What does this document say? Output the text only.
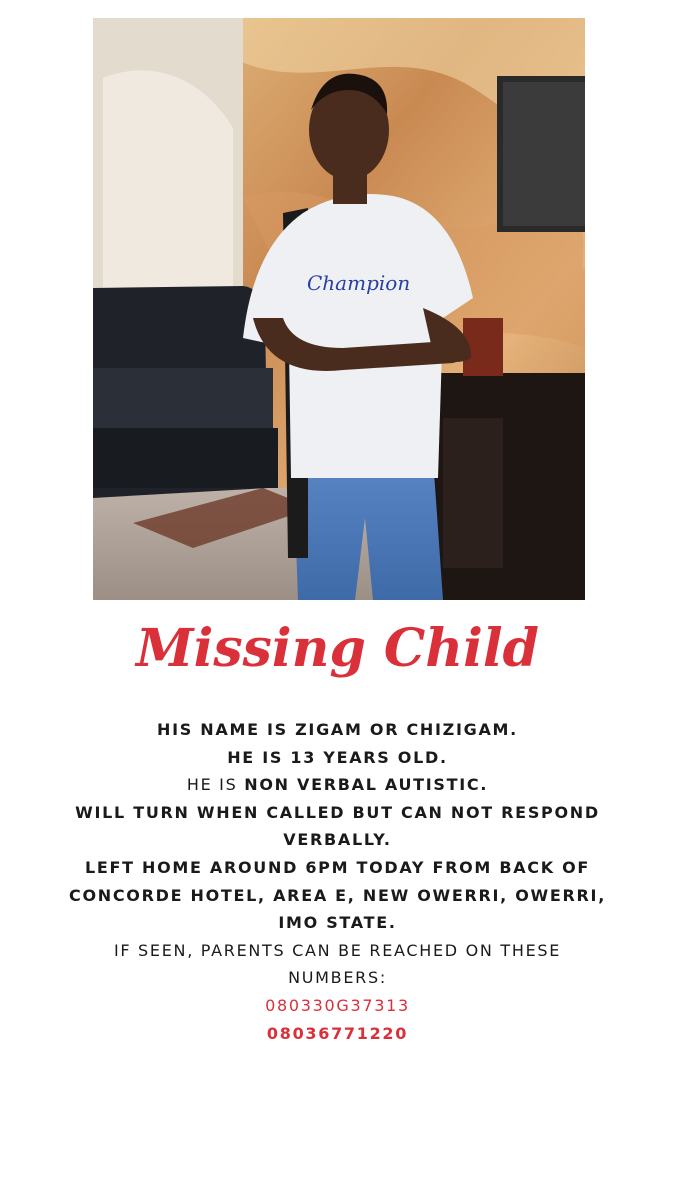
Champion
Missing Child
HIS NAME IS ZIGAM OR CHIZIGAM.
HE IS 13 YEARS OLD.
HE IS NON VERBAL AUTISTIC.
WILL TURN WHEN CALLED BUT CAN NOT RESPOND
VERBALLY.
LEFT HOME AROUND 6PM TODAY FROM BACK OF
CONCORDE HOTEL, AREA E, NEW OWERRI, OWERRI,
IMO STATE.
IF SEEN, PARENTS CAN BE REACHED ON THESE
NUMBERS:
080330G37313
08036771220
